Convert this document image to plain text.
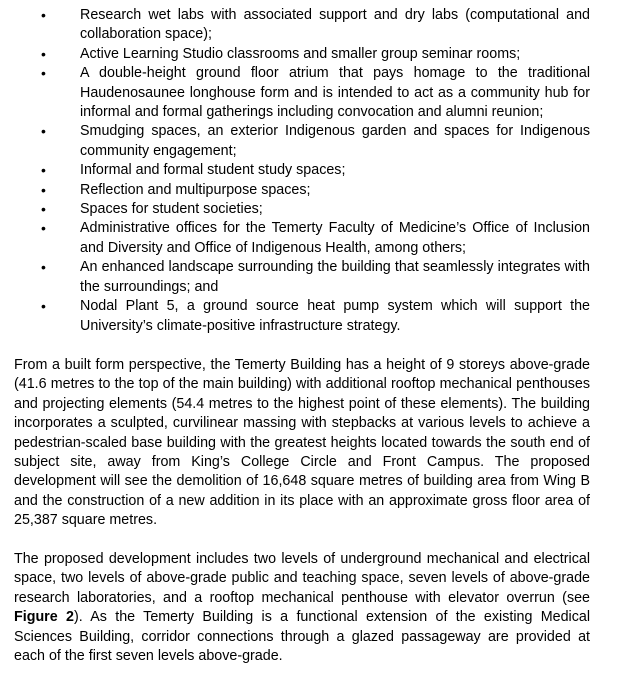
• Research wet labs with associated support and dry labs (computational and collaboration space);
• Active Learning Studio classrooms and smaller group seminar rooms;
• A double-height ground floor atrium that pays homage to the traditional Haudenosaunee longhouse form and is intended to act as a community hub for informal and formal gatherings including convocation and alumni reunion;
• Smudging spaces, an exterior Indigenous garden and spaces for Indigenous community engagement;
• Informal and formal student study spaces;
• Reflection and multipurpose spaces;
• Spaces for student societies;
• Administrative offices for the Temerty Faculty of Medicine’s Office of Inclusion and Diversity and Office of Indigenous Health, among others;
• An enhanced landscape surrounding the building that seamlessly integrates with the surroundings; and
• Nodal Plant 5, a ground source heat pump system which will support the University’s climate-positive infrastructure strategy.

From a built form perspective, the Temerty Building has a height of 9 storeys above-grade (41.6 metres to the top of the main building) with additional rooftop mechanical penthouses and projecting elements (54.4 metres to the highest point of these elements). The building incorporates a sculpted, curvilinear massing with stepbacks at various levels to achieve a pedestrian-scaled base building with the greatest heights located towards the south end of subject site, away from King’s College Circle and Front Campus. The proposed development will see the demolition of 16,648 square metres of building area from Wing B and the construction of a new addition in its place with an approximate gross floor area of 25,387 square metres.

The proposed development includes two levels of underground mechanical and electrical space, two levels of above-grade public and teaching space, seven levels of above-grade research laboratories, and a rooftop mechanical penthouse with elevator overrun (see Figure 2). As the Temerty Building is a functional extension of the existing Medical Sciences Building, corridor connections through a glazed passageway are provided at each of the first seven levels above-grade.
